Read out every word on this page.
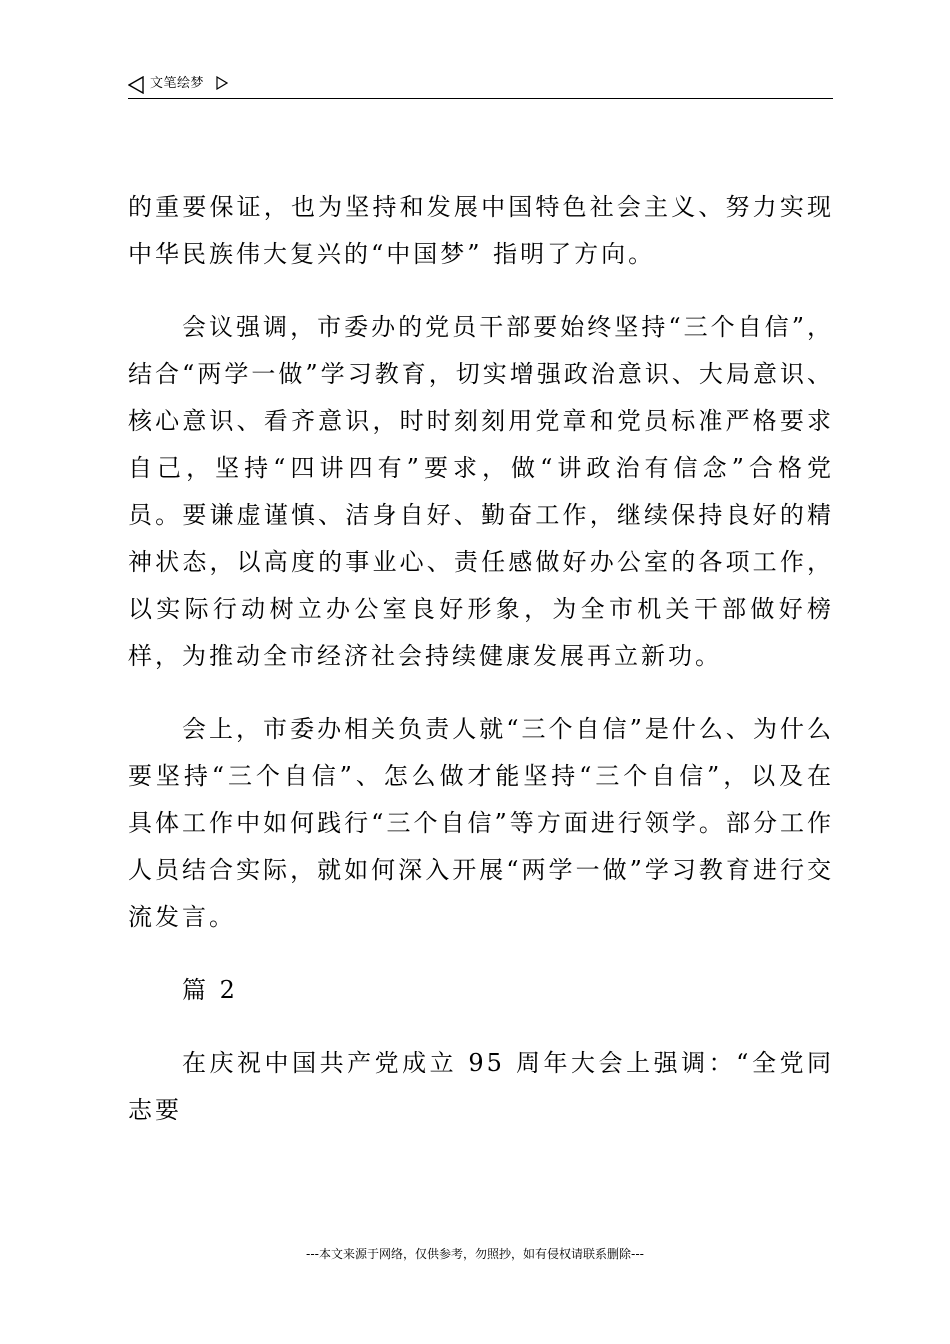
文笔绘梦

的重要保证，也为坚持和发展中国特色社会主义、努力实现中华民族伟大复兴的“中国梦” 指明了方向。

会议强调，市委办的党员干部要始终坚持“三个自信”，结合“两学一做”学习教育，切实增强政治意识、大局意识、核心意识、看齐意识，时时刻刻用党章和党员标准严格要求自己，坚持“四讲四有”要求，做“讲政治有信念”合格党员。要谦虚谨慎、洁身自好、勤奋工作，继续保持良好的精神状态，以高度的事业心、责任感做好办公室的各项工作，以实际行动树立办公室良好形象，为全市机关干部做好榜样，为推动全市经济社会持续健康发展再立新功。

会上，市委办相关负责人就“三个自信”是什么、为什么要坚持“三个自信”、怎么做才能坚持“三个自信”，以及在具体工作中如何践行“三个自信”等方面进行领学。部分工作人员结合实际，就如何深入开展“两学一做”学习教育进行交流发言。

篇 2

在庆祝中国共产党成立 95 周年大会上强调：“全党同志要

---本文来源于网络，仅供参考，勿照抄，如有侵权请联系删除---
